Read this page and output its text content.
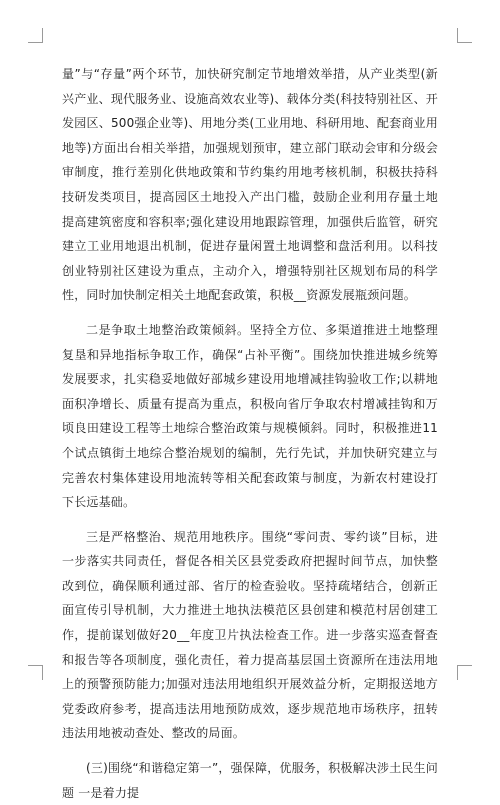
量”与“存量”两个环节，加快研究制定节地增效举措，从产业类型(新兴产业、现代服务业、设施高效农业等)、载体分类(科技特别社区、开发园区、500强企业等)、用地分类(工业用地、科研用地、配套商业用地等)方面出台相关举措，加强规划预审，建立部门联动会审和分级会审制度，推行差别化供地政策和节约集约用地考核机制，积极扶持科技研发类项目，提高园区土地投入产出门槛，鼓励企业利用存量土地提高建筑密度和容积率;强化建设用地跟踪管理，加强供后监管，研究建立工业用地退出机制，促进存量闲置土地调整和盘活利用。以科技创业特别社区建设为重点，主动介入，增强特别社区规划布局的科学性，同时加快制定相关土地配套政策，积极__资源发展瓶颈问题。

二是争取土地整治政策倾斜。坚持全方位、多渠道推进土地整理复垦和异地指标争取工作，确保“占补平衡”。围绕加快推进城乡统筹发展要求，扎实稳妥地做好部城乡建设用地增减挂钩验收工作;以耕地面积净增长、质量有提高为重点，积极向省厅争取农村增减挂钩和万顷良田建设工程等土地综合整治政策与规模倾斜。同时，积极推进11个试点镇街土地综合整治规划的编制，先行先试，并加快研究建立与完善农村集体建设用地流转等相关配套政策与制度，为新农村建设打下长远基础。

三是严格整治、规范用地秩序。围绕“零问责、零约谈”目标，进一步落实共同责任，督促各相关区县党委政府把握时间节点，加快整改到位，确保顺利通过部、省厅的检查验收。坚持疏堵结合，创新正面宣传引导机制，大力推进土地执法模范区县创建和模范村居创建工作，提前谋划做好20__年度卫片执法检查工作。进一步落实巡查督查和报告等各项制度，强化责任，着力提高基层国土资源所在违法用地上的预警预防能力;加强对违法用地组织开展效益分析，定期报送地方党委政府参考，提高违法用地预防成效，逐步规范地市场秩序，扭转违法用地被动查处、整改的局面。

(三)围绕“和谐稳定第一”，强保障，优服务，积极解决涉土民生问题 一是着力提
